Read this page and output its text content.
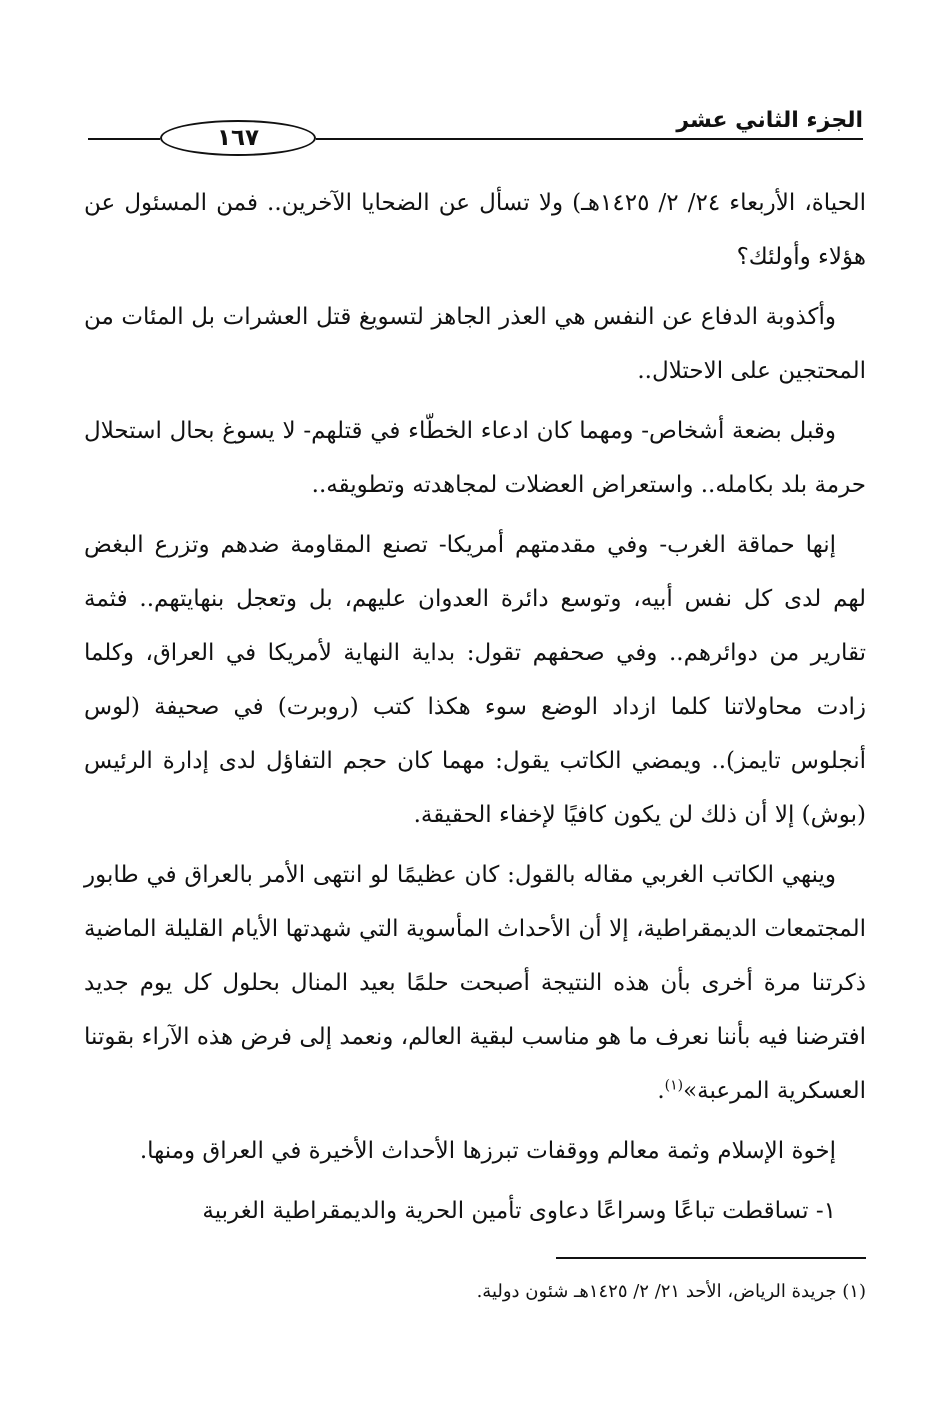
١٦٧
الجزء الثاني عشر

الحياة، الأربعاء ٢٤/ ٢/ ١٤٢٥هـ) ولا تسأل عن الضحايا الآخرين.. فمن المسئول عن هؤلاء وأولئك؟

وأكذوبة الدفاع عن النفس هي العذر الجاهز لتسويغ قتل العشرات بل المئات من المحتجين على الاحتلال..

وقبل بضعة أشخاص- ومهما كان ادعاء الخطّاء في قتلهم- لا يسوغ بحال استحلال حرمة بلد بكامله.. واستعراض العضلات لمجاهدته وتطويقه..

إنها حماقة الغرب- وفي مقدمتهم أمريكا- تصنع المقاومة ضدهم وتزرع البغض لهم لدى كل نفس أبيه، وتوسع دائرة العدوان عليهم، بل وتعجل بنهايتهم.. فثمة تقارير من دوائرهم.. وفي صحفهم تقول: بداية النهاية لأمريكا في العراق، وكلما زادت محاولاتنا كلما ازداد الوضع سوء هكذا كتب (روبرت) في صحيفة (لوس أنجلوس تايمز).. ويمضي الكاتب يقول: مهما كان حجم التفاؤل لدى إدارة الرئيس (بوش) إلا أن ذلك لن يكون كافيًا لإخفاء الحقيقة.

وينهي الكاتب الغربي مقاله بالقول: كان عظيمًا لو انتهى الأمر بالعراق في طابور المجتمعات الديمقراطية، إلا أن الأحداث المأسوية التي شهدتها الأيام القليلة الماضية ذكرتنا مرة أخرى بأن هذه النتيجة أصبحت حلمًا بعيد المنال بحلول كل يوم جديد افترضنا فيه بأننا نعرف ما هو مناسب لبقية العالم، ونعمد إلى فرض هذه الآراء بقوتنا العسكرية المرعبة»$^{(١)}$.

إخوة الإسلام وثمة معالم ووقفات تبرزها الأحداث الأخيرة في العراق ومنها.

١- تساقطت تباعًا وسراعًا دعاوى تأمين الحرية والديمقراطية الغربية

(١) جريدة الرياض، الأحد ٢١/ ٢/ ١٤٢٥هـ شئون دولية.
